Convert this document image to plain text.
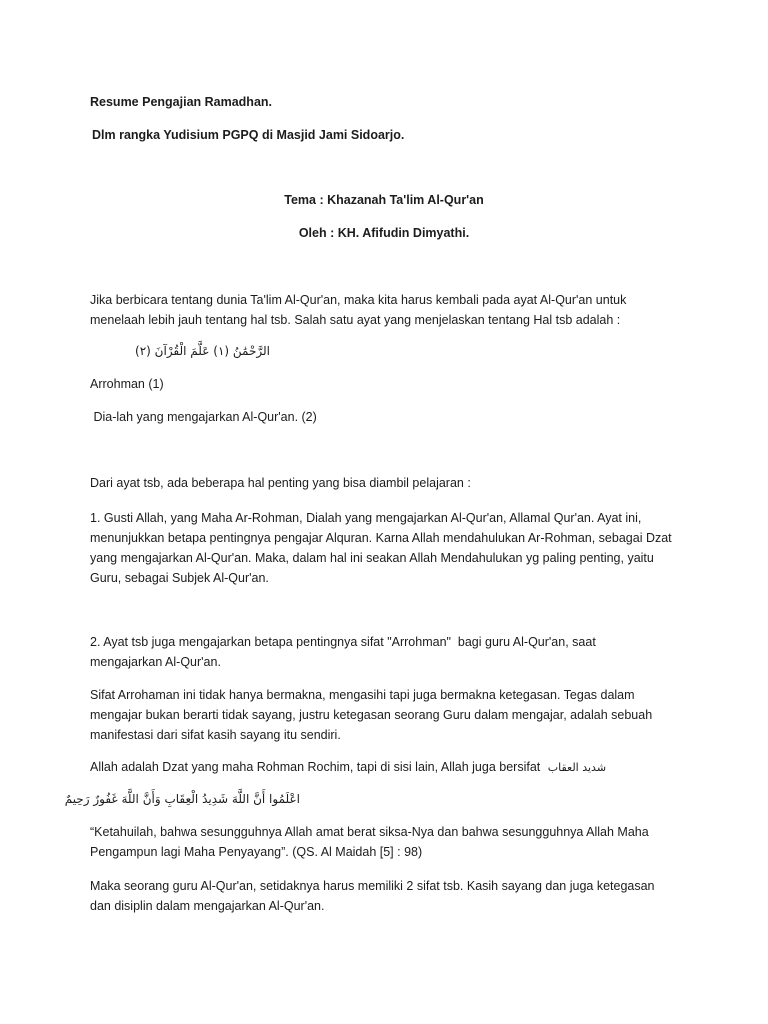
Resume Pengajian Ramadhan.
Dlm rangka Yudisium PGPQ di Masjid Jami Sidoarjo.
Tema : Khazanah Ta'lim Al-Qur'an
Oleh : KH. Afifudin Dimyathi.
Jika berbicara tentang dunia Ta'lim Al-Qur'an, maka kita harus kembali pada ayat Al-Qur'an untuk
menelaah lebih jauh tentang hal tsb. Salah satu ayat yang menjelaskan tentang Hal tsb adalah :
الرَّحْمَٰنُ (١) عَلَّمَ الْقُرْآنَ (٢)
Arrohman (1)
Dia-lah yang mengajarkan Al-Qur'an. (2)
Dari ayat tsb, ada beberapa hal penting yang bisa diambil pelajaran :
1. Gusti Allah, yang Maha Ar-Rohman, Dialah yang mengajarkan Al-Qur'an, Allamal Qur'an. Ayat ini,
menunjukkan betapa pentingnya pengajar Alquran. Karna Allah mendahulukan Ar-Rohman, sebagai Dzat
yang mengajarkan Al-Qur'an. Maka, dalam hal ini seakan Allah Mendahulukan yg paling penting, yaitu
Guru, sebagai Subjek Al-Qur'an.
2. Ayat tsb juga mengajarkan betapa pentingnya sifat "Arrohman"  bagi guru Al-Qur'an, saat
mengajarkan Al-Qur'an.
Sifat Arrohaman ini tidak hanya bermakna, mengasihi tapi juga bermakna ketegasan. Tegas dalam
mengajar bukan berarti tidak sayang, justru ketegasan seorang Guru dalam mengajar, adalah sebuah
manifestasi dari sifat kasih sayang itu sendiri.
Allah adalah Dzat yang maha Rohman Rochim, tapi di sisi lain, Allah juga bersifat شديد العقاب
اعْلَمُوا أَنَّ اللَّهَ شَدِيدُ الْعِقَابِ وَأَنَّ اللَّهَ غَفُورٌ رَحِيمٌ
“Ketahuilah, bahwa sesungguhnya Allah amat berat siksa-Nya dan bahwa sesungguhnya Allah Maha
Pengampun lagi Maha Penyayang”. (QS. Al Maidah [5] : 98)
Maka seorang guru Al-Qur'an, setidaknya harus memiliki 2 sifat tsb. Kasih sayang dan juga ketegasan
dan disiplin dalam mengajarkan Al-Qur'an.
